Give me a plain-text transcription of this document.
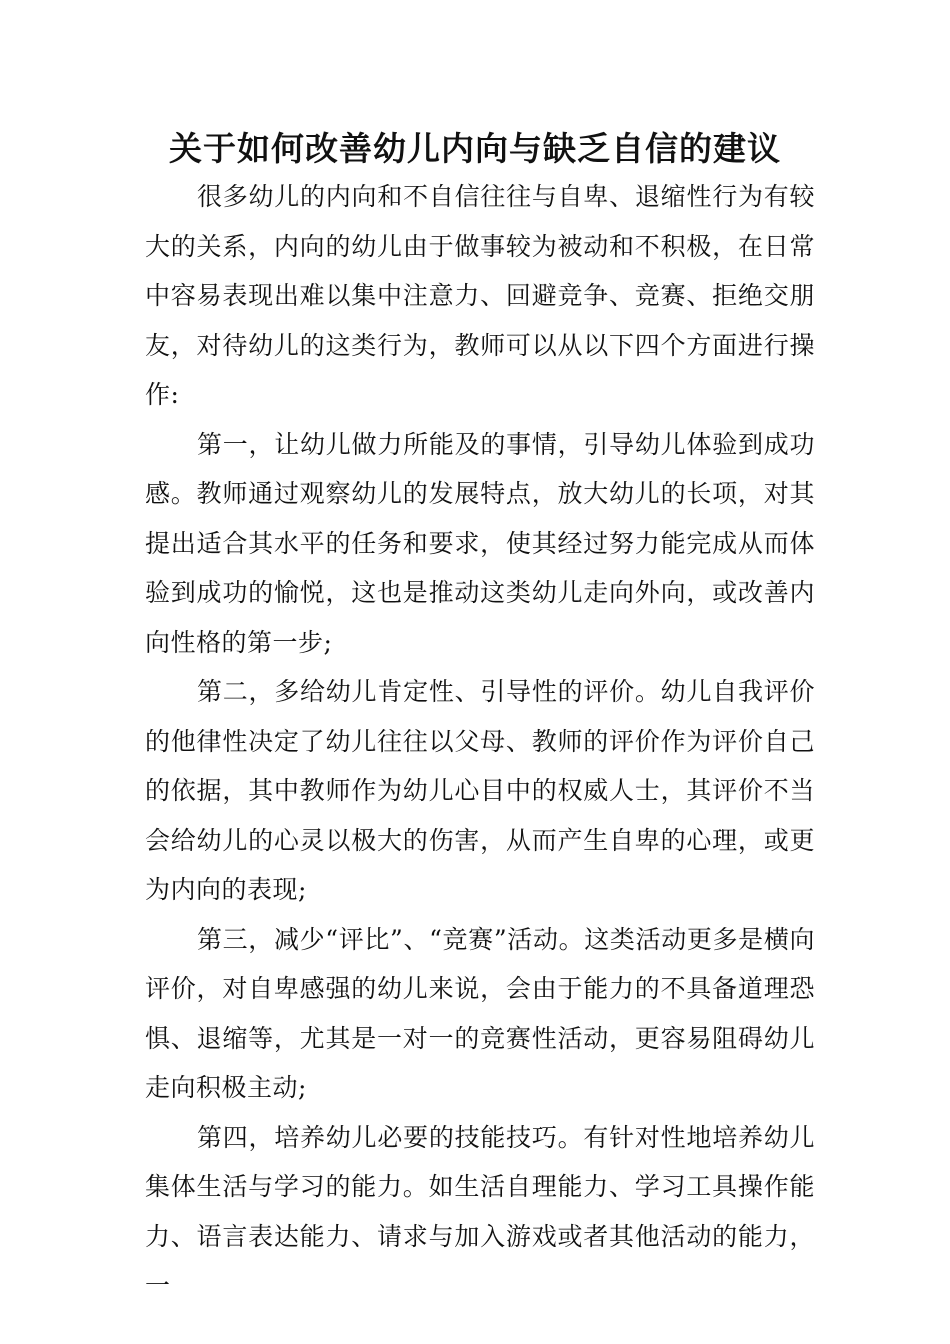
关于如何改善幼儿内向与缺乏自信的建议

很多幼儿的内向和不自信往往与自卑、退缩性行为有较大的关系，内向的幼儿由于做事较为被动和不积极，在日常中容易表现出难以集中注意力、回避竞争、竞赛、拒绝交朋友，对待幼儿的这类行为，教师可以从以下四个方面进行操作:

第一，让幼儿做力所能及的事情，引导幼儿体验到成功感。教师通过观察幼儿的发展特点，放大幼儿的长项，对其提出适合其水平的任务和要求，使其经过努力能完成从而体验到成功的愉悦，这也是推动这类幼儿走向外向，或改善内向性格的第一步;

第二，多给幼儿肯定性、引导性的评价。幼儿自我评价的他律性决定了幼儿往往以父母、教师的评价作为评价自己的依据，其中教师作为幼儿心目中的权威人士，其评价不当会给幼儿的心灵以极大的伤害，从而产生自卑的心理，或更为内向的表现;

第三，减少“评比”、“竞赛”活动。这类活动更多是横向评价，对自卑感强的幼儿来说，会由于能力的不具备道理恐惧、退缩等，尤其是一对一的竞赛性活动，更容易阻碍幼儿走向积极主动;

第四，培养幼儿必要的技能技巧。有针对性地培养幼儿集体生活与学习的能力。如生活自理能力、学习工具操作能力、语言表达能力、请求与加入游戏或者其他活动的能力，一
